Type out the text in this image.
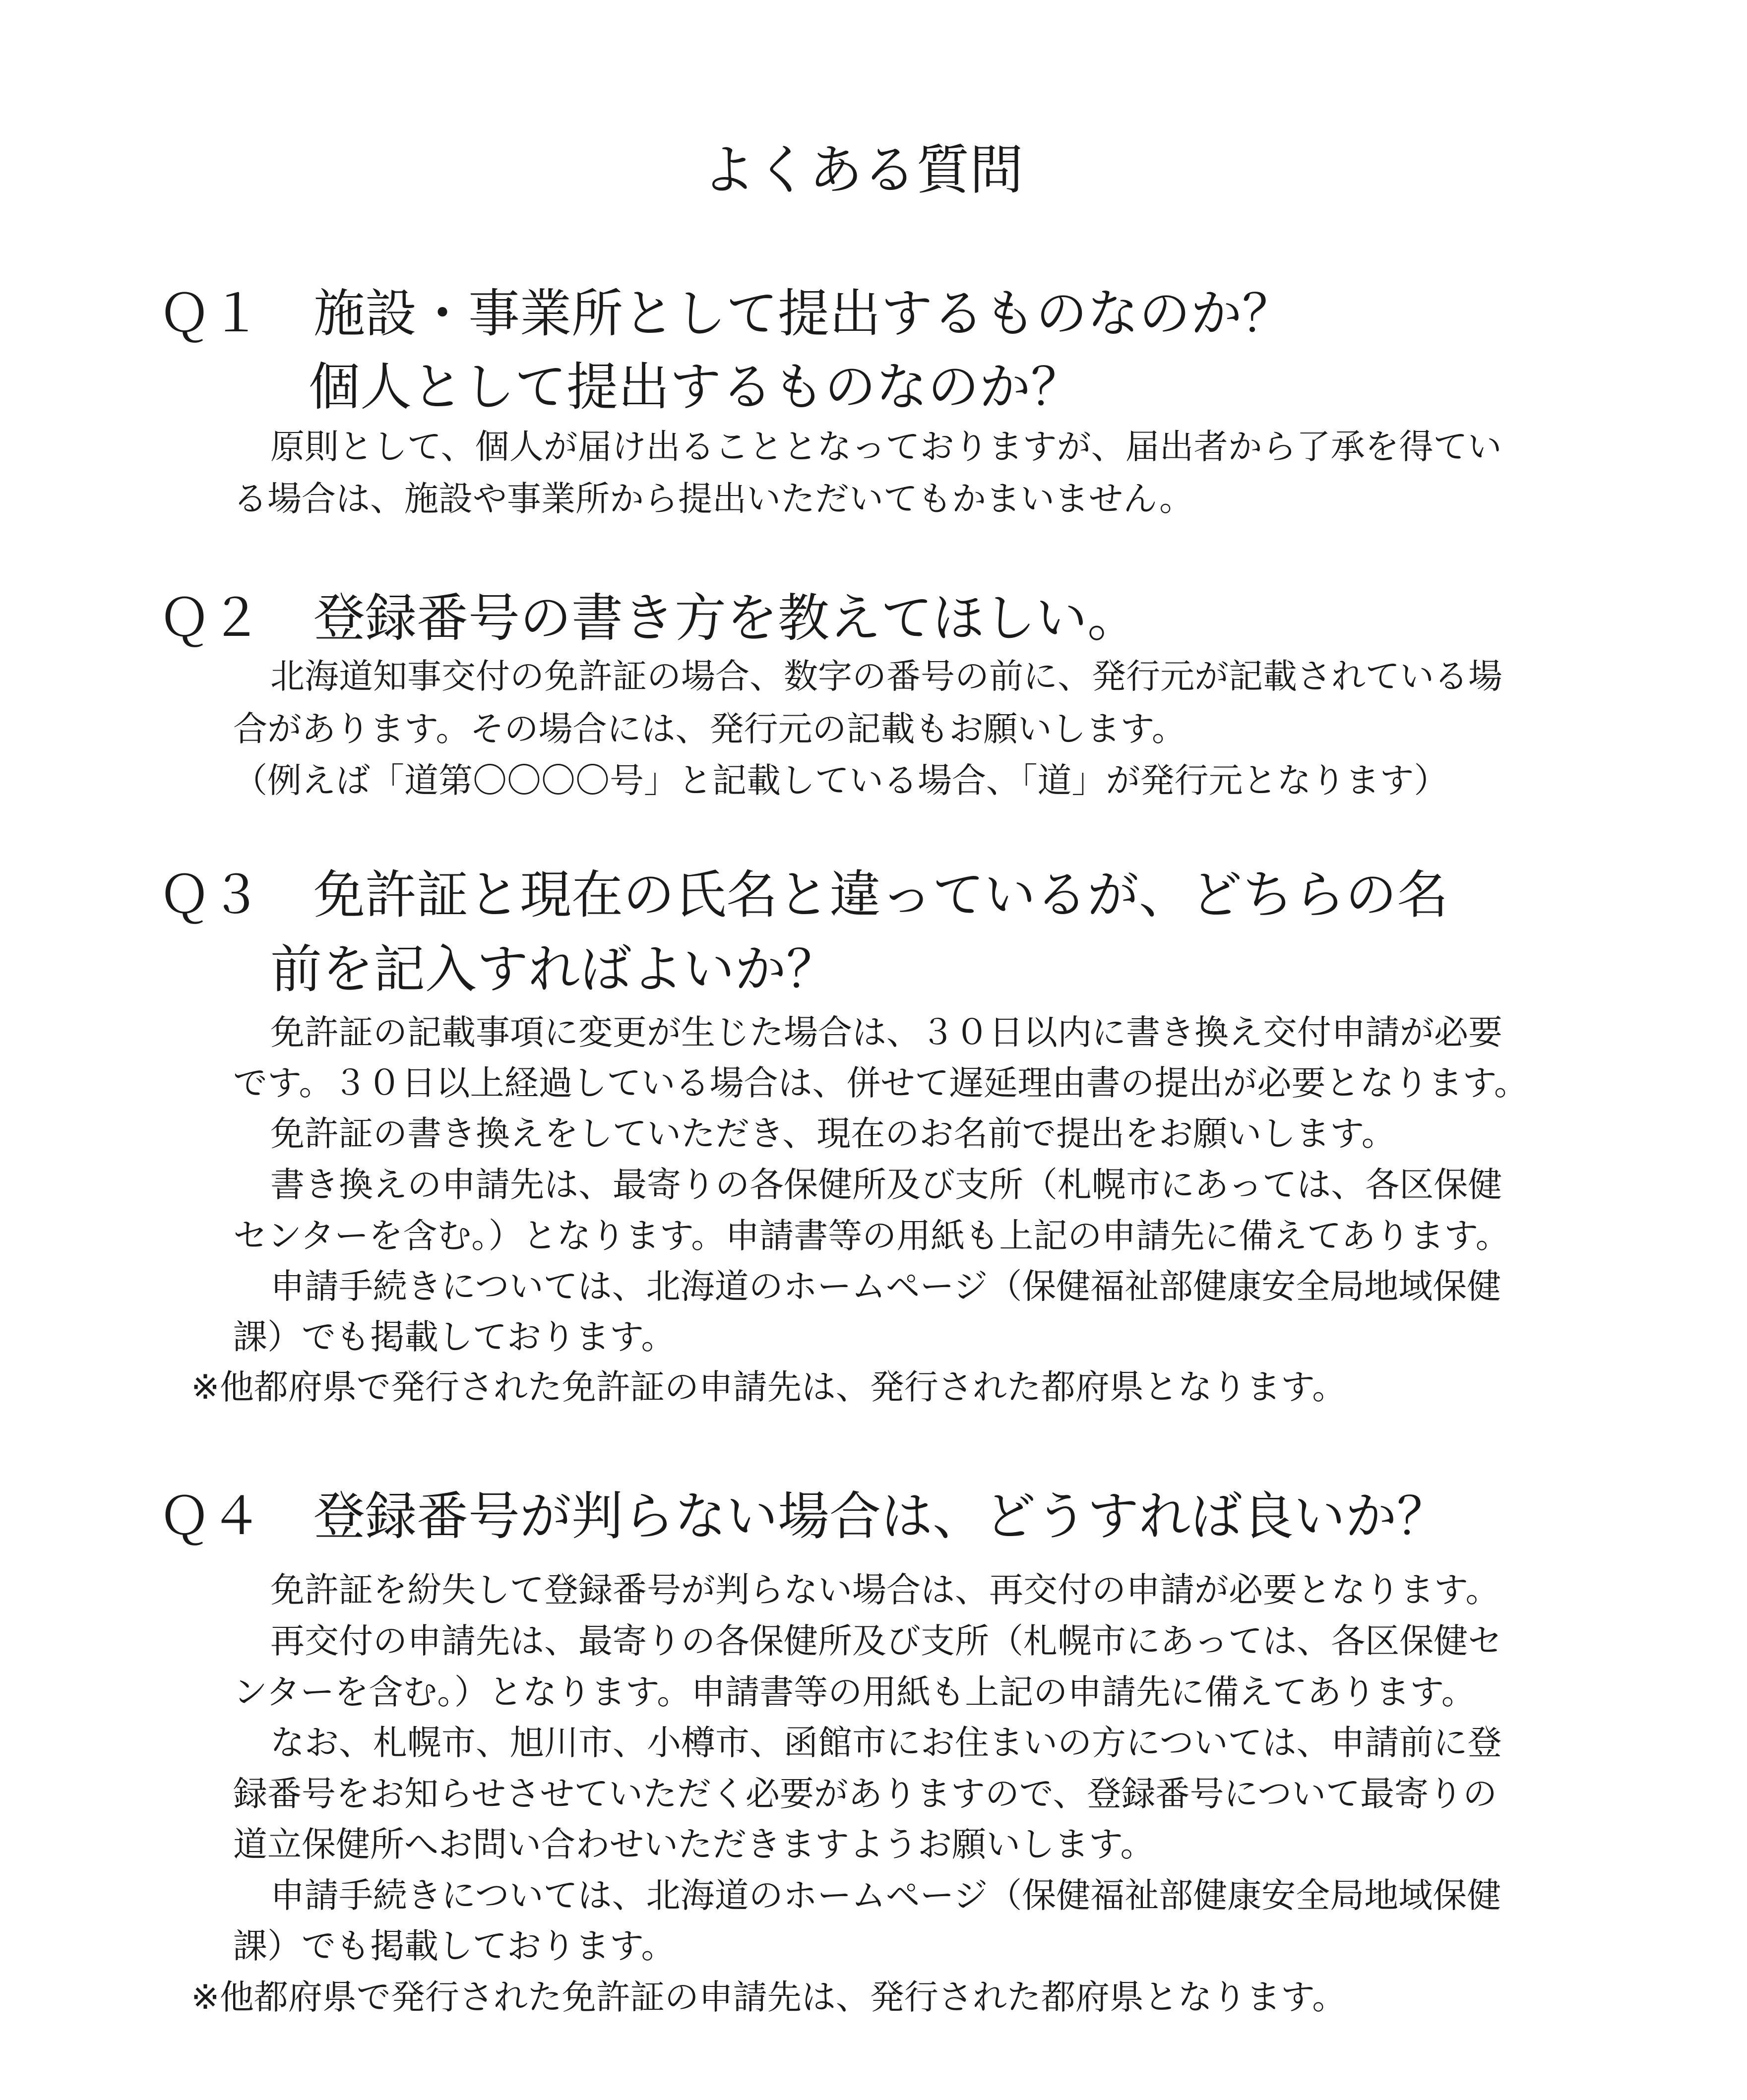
よくある質問
Ｑ１　施設・事業所として提出するものなのか？
個人として提出するものなのか？
原則として、個人が届け出ることとなっておりますが、届出者から了承を得てい
る場合は、施設や事業所から提出いただいてもかまいません。
Ｑ２　登録番号の書き方を教えてほしい。
北海道知事交付の免許証の場合、数字の番号の前に、発行元が記載されている場
合があります。その場合には、発行元の記載もお願いします。
（例えば「道第〇〇〇〇号」と記載している場合、「道」が発行元となります）
Ｑ３　免許証と現在の氏名と違っているが、どちらの名
前を記入すればよいか？
免許証の記載事項に変更が生じた場合は、３０日以内に書き換え交付申請が必要
です。３０日以上経過している場合は、併せて遅延理由書の提出が必要となります。
免許証の書き換えをしていただき、現在のお名前で提出をお願いします。
書き換えの申請先は、最寄りの各保健所及び支所（札幌市にあっては、各区保健
センターを含む。）となります。申請書等の用紙も上記の申請先に備えてあります。
申請手続きについては、北海道のホームページ（保健福祉部健康安全局地域保健
課）でも掲載しております。
※他都府県で発行された免許証の申請先は、発行された都府県となります。
Ｑ４　登録番号が判らない場合は、どうすれば良いか？
免許証を紛失して登録番号が判らない場合は、再交付の申請が必要となります。
再交付の申請先は、最寄りの各保健所及び支所（札幌市にあっては、各区保健セ
ンターを含む。）となります。申請書等の用紙も上記の申請先に備えてあります。
なお、札幌市、旭川市、小樽市、函館市にお住まいの方については、申請前に登
録番号をお知らせさせていただく必要がありますので、登録番号について最寄りの
道立保健所へお問い合わせいただきますようお願いします。
申請手続きについては、北海道のホームページ（保健福祉部健康安全局地域保健
課）でも掲載しております。
※他都府県で発行された免許証の申請先は、発行された都府県となります。
